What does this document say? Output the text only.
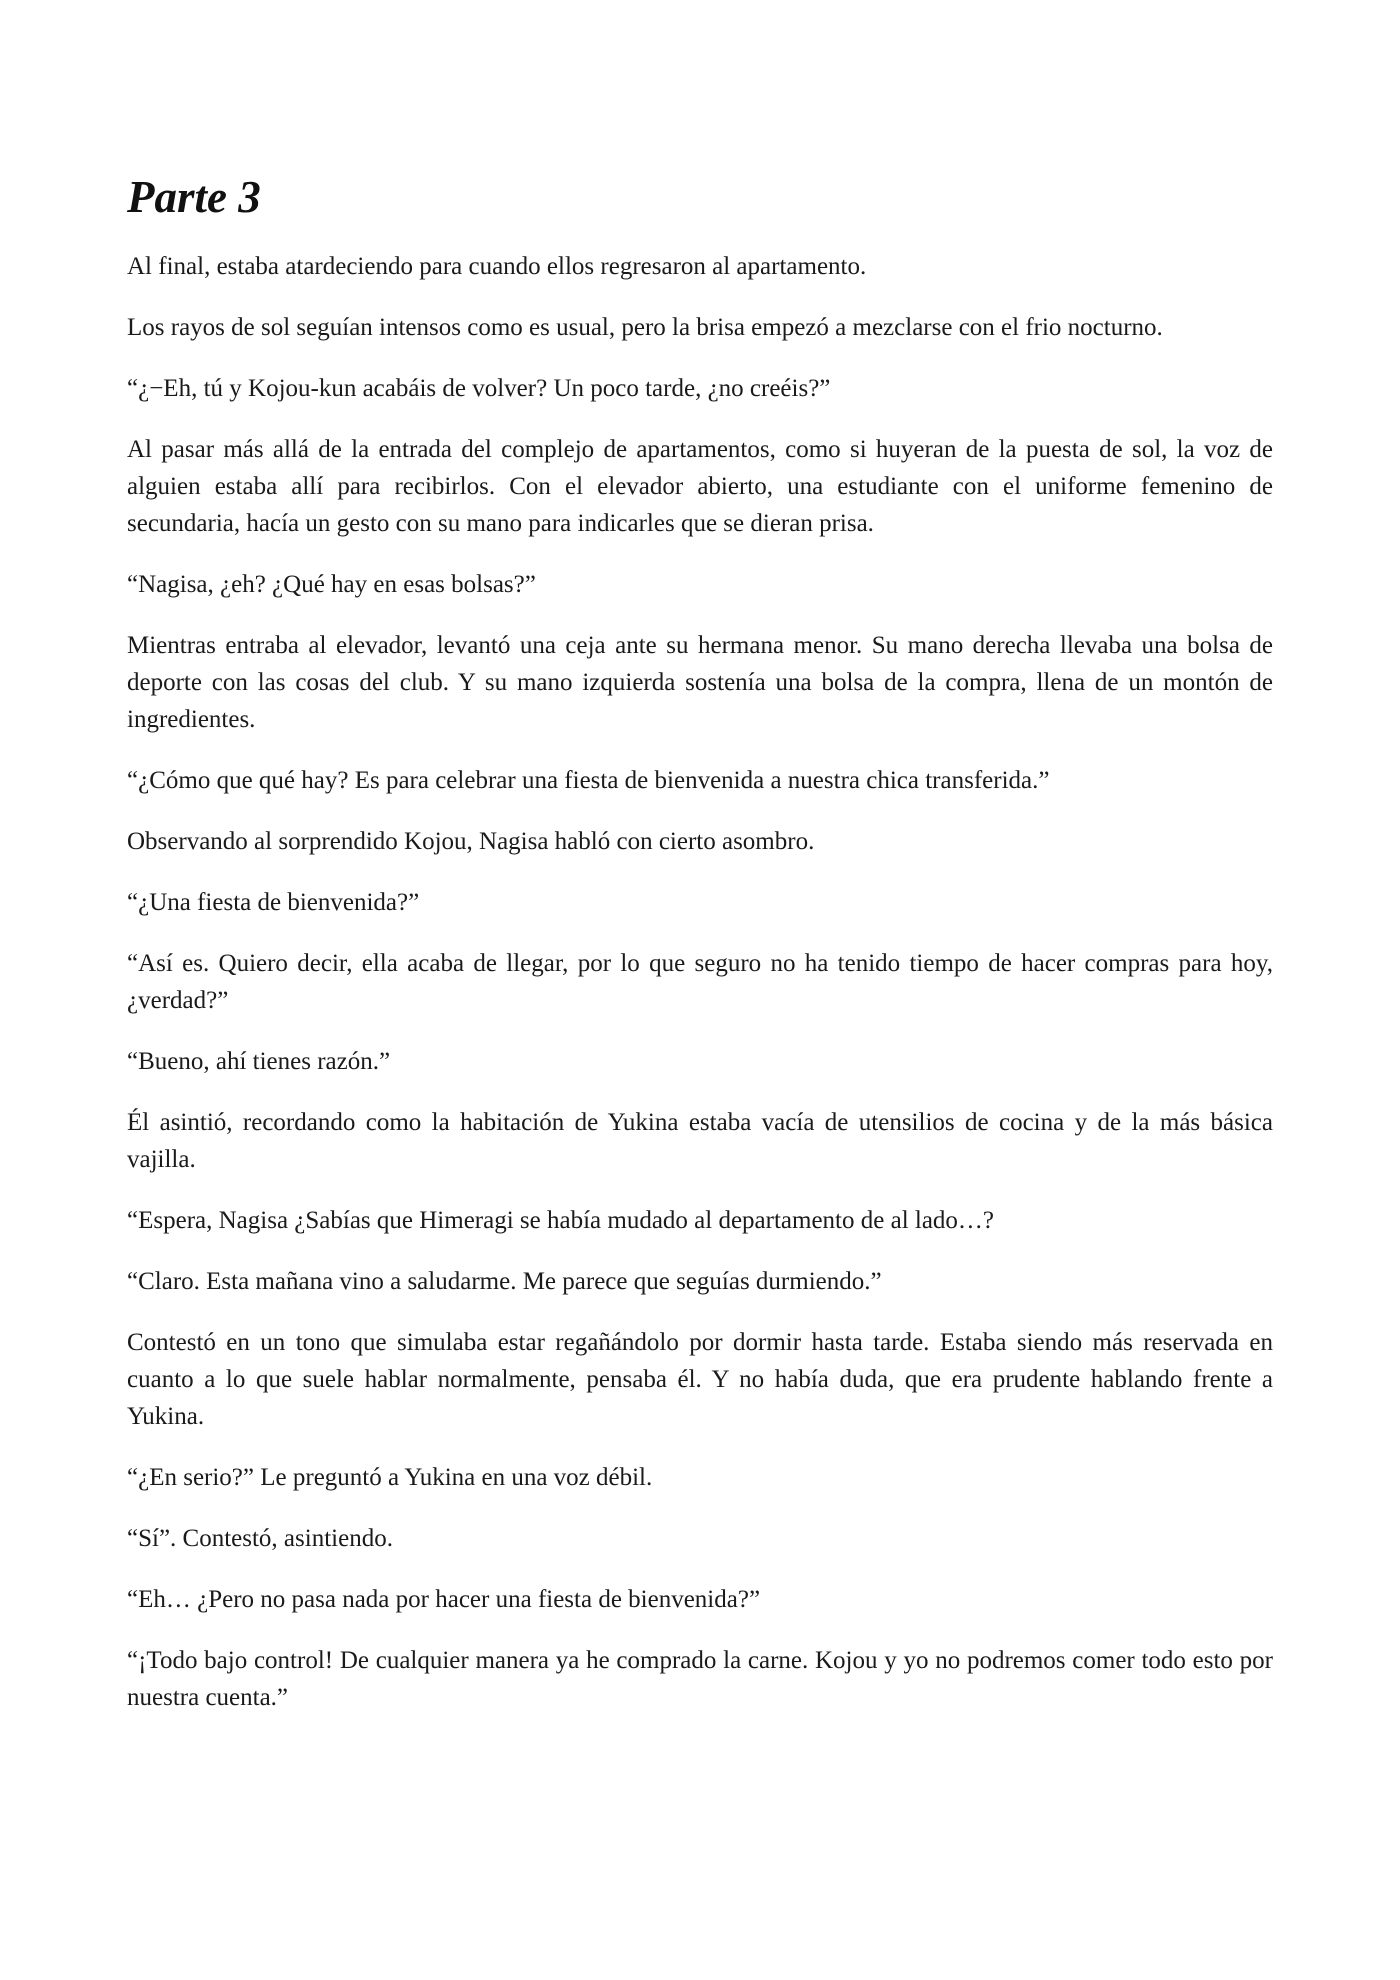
Parte 3

Al final, estaba atardeciendo para cuando ellos regresaron al apartamento.

Los rayos de sol seguían intensos como es usual, pero la brisa empezó a mezclarse con el frio nocturno.

“¿−Eh, tú y Kojou-kun acabáis de volver? Un poco tarde, ¿no creéis?”

Al pasar más allá de la entrada del complejo de apartamentos, como si huyeran de la puesta de sol, la voz de alguien estaba allí para recibirlos. Con el elevador abierto, una estudiante con el uniforme femenino de secundaria, hacía un gesto con su mano para indicarles que se dieran prisa.

“Nagisa, ¿eh? ¿Qué hay en esas bolsas?”

Mientras entraba al elevador, levantó una ceja ante su hermana menor. Su mano derecha llevaba una bolsa de deporte con las cosas del club. Y su mano izquierda sostenía una bolsa de la compra, llena de un montón de ingredientes.

“¿Cómo que qué hay? Es para celebrar una fiesta de bienvenida a nuestra chica transferida.”

Observando al sorprendido Kojou, Nagisa habló con cierto asombro.

“¿Una fiesta de bienvenida?”

“Así es. Quiero decir, ella acaba de llegar, por lo que seguro no ha tenido tiempo de hacer compras para hoy, ¿verdad?”

“Bueno, ahí tienes razón.”

Él asintió, recordando como la habitación de Yukina estaba vacía de utensilios de cocina y de la más básica vajilla.

“Espera, Nagisa ¿Sabías que Himeragi se había mudado al departamento de al lado…?

“Claro. Esta mañana vino a saludarme. Me parece que seguías durmiendo.”

Contestó en un tono que simulaba estar regañándolo por dormir hasta tarde. Estaba siendo más reservada en cuanto a lo que suele hablar normalmente, pensaba él. Y no había duda, que era prudente hablando frente a Yukina.

“¿En serio?” Le preguntó a Yukina en una voz débil.

“Sí”. Contestó, asintiendo.

“Eh… ¿Pero no pasa nada por hacer una fiesta de bienvenida?”

“¡Todo bajo control! De cualquier manera ya he comprado la carne. Kojou y yo no podremos comer todo esto por nuestra cuenta.”
